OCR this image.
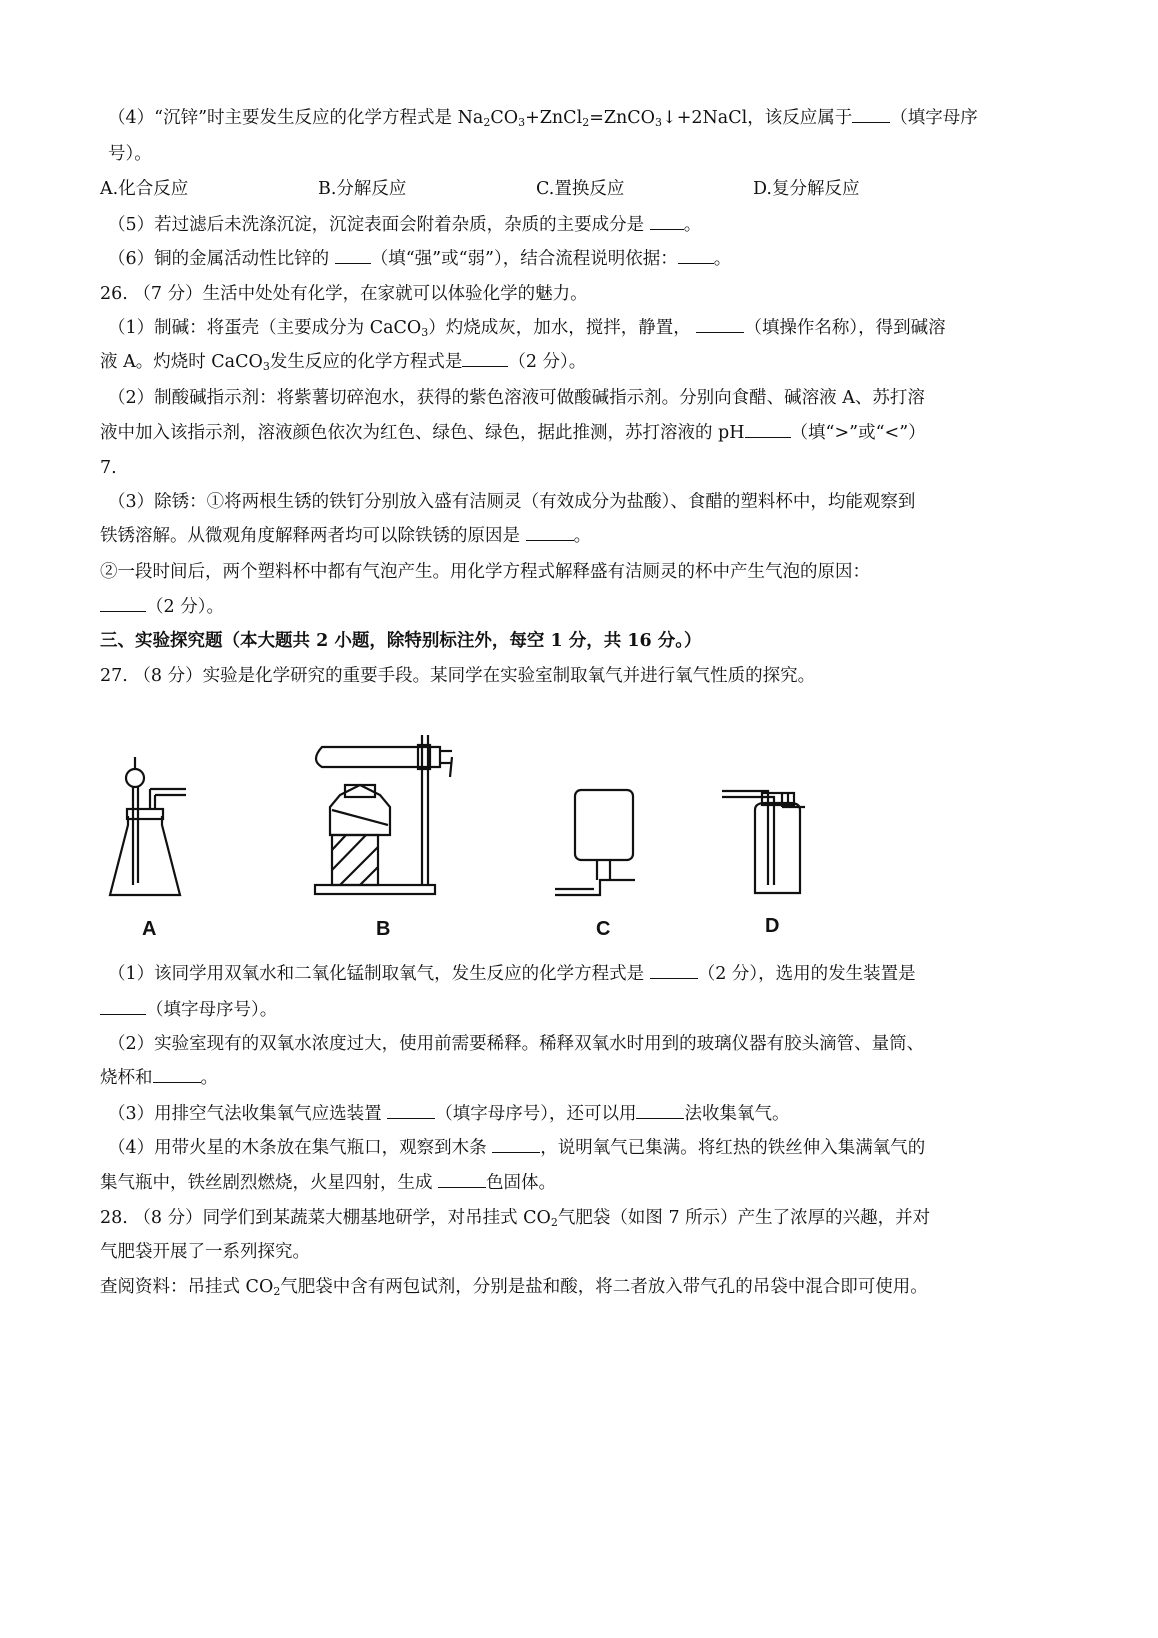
（4）“沉锌”时主要发生反应的化学方程式是 $Na_2CO_3+ZnCl_2=ZnCO_3↓+2NaCl$，该反应属于 （填字母序
号）。
A.化合反应	B.分解反应	C.置换反应	D.复分解反应
（5）若过滤后未洗涤沉淀，沉淀表面会附着杂质，杂质的主要成分是 。
（6）铜的金属活动性比锌的 （填“强”或“弱”），结合流程说明依据： 。
26. （7 分）生活中处处有化学，在家就可以体验化学的魅力。
（1）制碱：将蛋壳（主要成分为 CaCO$_3$）灼烧成灰，加水，搅拌，静置，	（填操作名称），得到碱溶
液 A。灼烧时 CaCO$_3$发生反应的化学方程式是	（2 分）。
（2）制酸碱指示剂：将紫薯切碎泡水，获得的紫色溶液可做酸碱指示剂。分别向食醋、碱溶液 A、苏打溶
液中加入该指示剂，溶液颜色依次为红色、绿色、绿色，据此推测，苏打溶液的 pH	（填“>”或“<”）
7.
（3）除锈：①将两根生锈的铁钉分别放入盛有洁厕灵（有效成分为盐酸）、食醋的塑料杯中，均能观察到
铁锈溶解。从微观角度解释两者均可以除铁锈的原因是	。
②一段时间后，两个塑料杯中都有气泡产生。用化学方程式解释盛有洁厕灵的杯中产生气泡的原因：
（2 分）。
三、实验探究题（本大题共 2 小题，除特别标注外，每空 1 分，共 16 分。）
27. （8 分）实验是化学研究的重要手段。某同学在实验室制取氧气并进行氧气性质的探究。
A	B	C	D
（1）该同学用双氧水和二氧化锰制取氧气，发生反应的化学方程式是	（2 分），选用的发生装置是
（填字母序号）。
（2）实验室现有的双氧水浓度过大，使用前需要稀释。稀释双氧水时用到的玻璃仪器有胶头滴管、量筒、
烧杯和	。
（3）用排空气法收集氧气应选装置	（填字母序号），还可以用	法收集氧气。
（4）用带火星的木条放在集气瓶口，观察到木条	，说明氧气已集满。将红热的铁丝伸入集满氧气的
集气瓶中，铁丝剧烈燃烧，火星四射，生成	色固体。
28. （8 分）同学们到某蔬菜大棚基地研学，对吊挂式 $CO_2$气肥袋（如图 7 所示）产生了浓厚的兴趣，并对
气肥袋开展了一系列探究。
查阅资料：吊挂式 $CO_2$气肥袋中含有两包试剂，分别是盐和酸，将二者放入带气孔的吊袋中混合即可使用。
